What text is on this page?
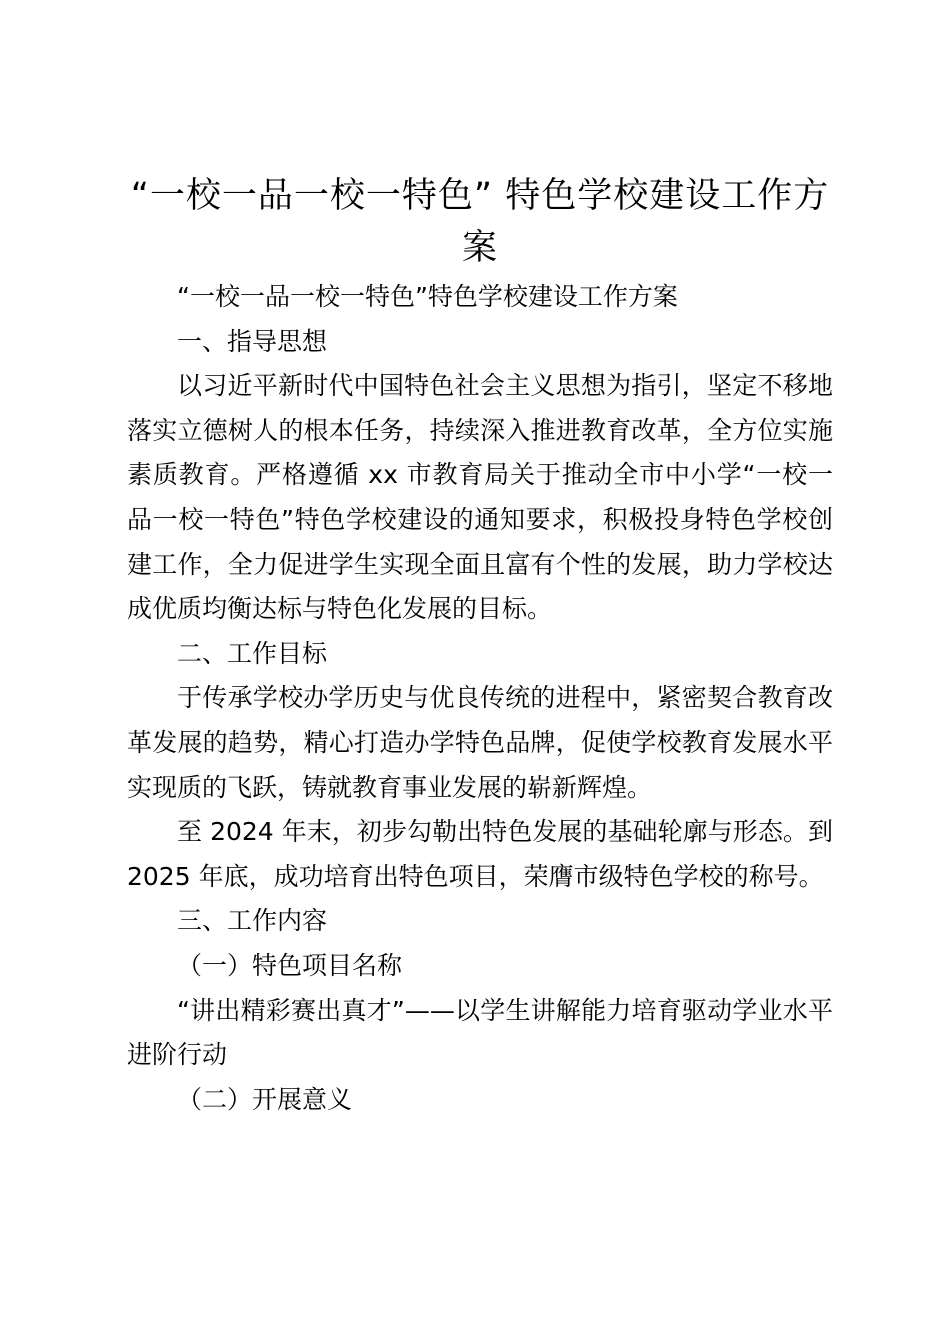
“一校一品一校一特色” 特色学校建设工作方案

“一校一品一校一特色”特色学校建设工作方案

一、指导思想

以习近平新时代中国特色社会主义思想为指引，坚定不移地落实立德树人的根本任务，持续深入推进教育改革，全方位实施素质教育。严格遵循 xx 市教育局关于推动全市中小学“一校一品一校一特色”特色学校建设的通知要求，积极投身特色学校创建工作，全力促进学生实现全面且富有个性的发展，助力学校达成优质均衡达标与特色化发展的目标。

二、工作目标

于传承学校办学历史与优良传统的进程中，紧密契合教育改革发展的趋势，精心打造办学特色品牌，促使学校教育发展水平实现质的飞跃，铸就教育事业发展的崭新辉煌。

至 2024 年末，初步勾勒出特色发展的基础轮廓与形态。到 2025 年底，成功培育出特色项目，荣膺市级特色学校的称号。

三、工作内容

（一）特色项目名称

“讲出精彩赛出真才”——以学生讲解能力培育驱动学业水平进阶行动

（二）开展意义
